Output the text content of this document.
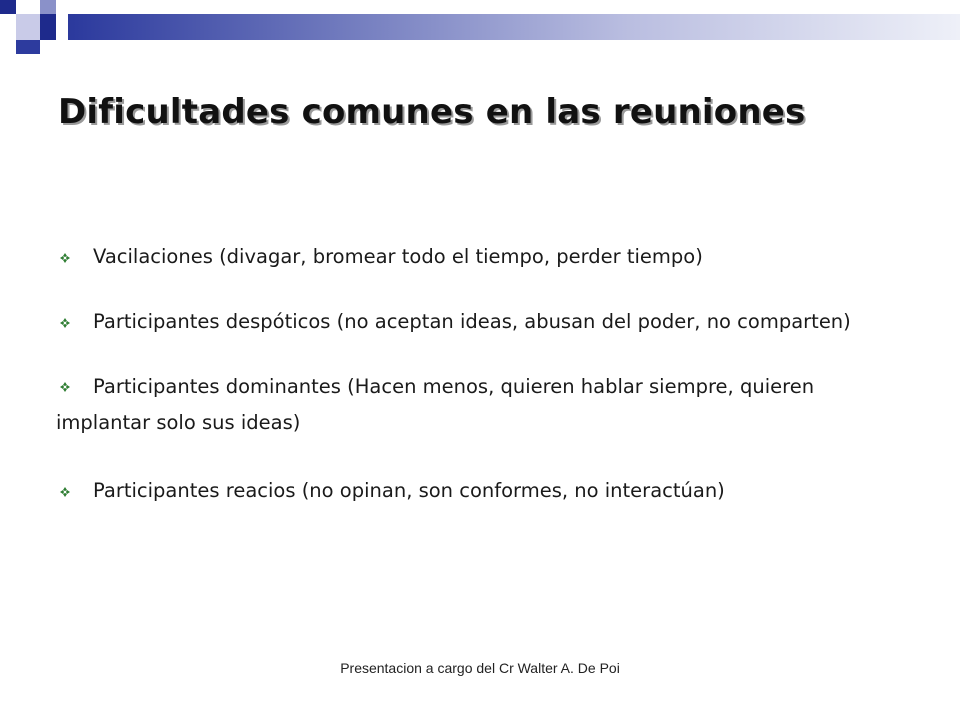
Dificultades comunes en las reuniones
Vacilaciones (divagar, bromear todo el tiempo, perder tiempo)
Participantes despóticos (no aceptan ideas, abusan del poder, no comparten)
Participantes dominantes (Hacen menos, quieren hablar siempre, quieren implantar solo sus ideas)
Participantes reacios (no opinan, son conformes, no interactúan)
Presentacion a cargo del Cr Walter A. De Poi
